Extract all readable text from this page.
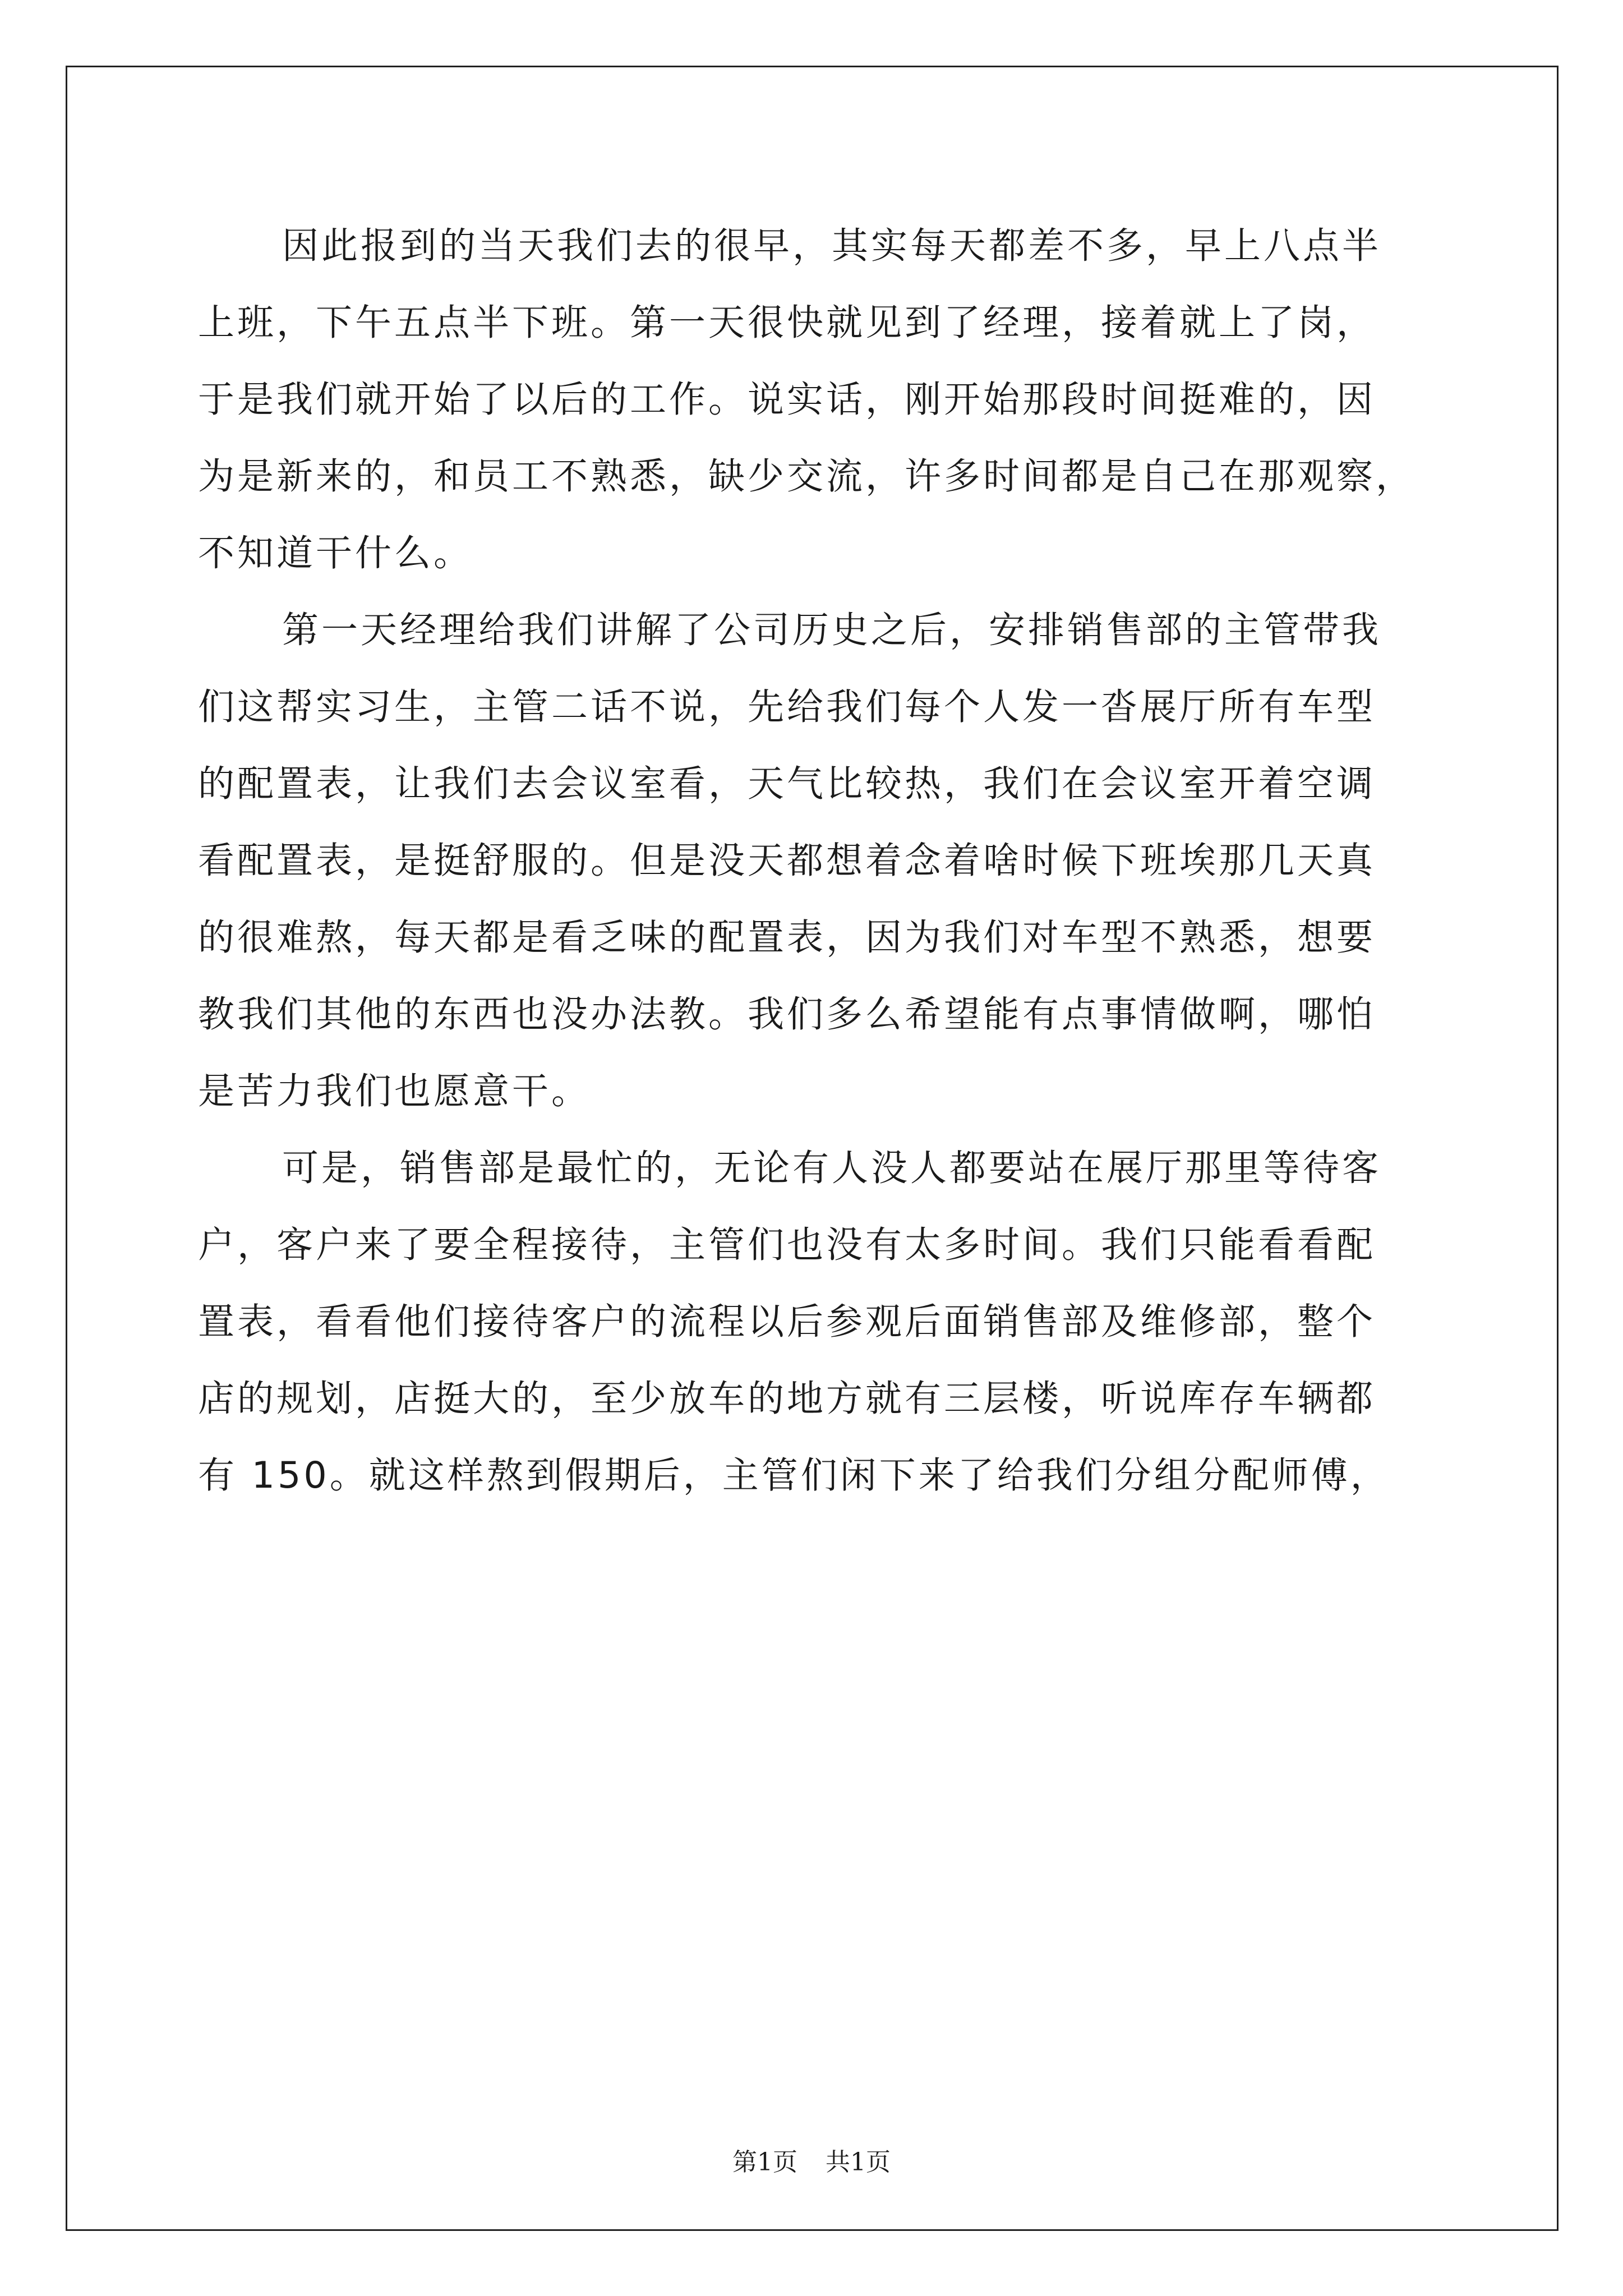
因此报到的当天我们去的很早，其实每天都差不多，早上八点半
上班，下午五点半下班。第一天很快就见到了经理，接着就上了岗，
于是我们就开始了以后的工作。说实话，刚开始那段时间挺难的，因
为是新来的，和员工不熟悉，缺少交流，许多时间都是自己在那观察，
不知道干什么。
第一天经理给我们讲解了公司历史之后，安排销售部的主管带我
们这帮实习生，主管二话不说，先给我们每个人发一沓展厅所有车型
的配置表，让我们去会议室看，天气比较热，我们在会议室开着空调
看配置表，是挺舒服的。但是没天都想着念着啥时候下班埃那几天真
的很难熬，每天都是看乏味的配置表，因为我们对车型不熟悉，想要
教我们其他的东西也没办法教。我们多么希望能有点事情做啊，哪怕
是苦力我们也愿意干。
可是，销售部是最忙的，无论有人没人都要站在展厅那里等待客
户，客户来了要全程接待，主管们也没有太多时间。我们只能看看配
置表，看看他们接待客户的流程以后参观后面销售部及维修部，整个
店的规划，店挺大的，至少放车的地方就有三层楼，听说库存车辆都
有 150。就这样熬到假期后，主管们闲下来了给我们分组分配师傅，
第1页 共1页
